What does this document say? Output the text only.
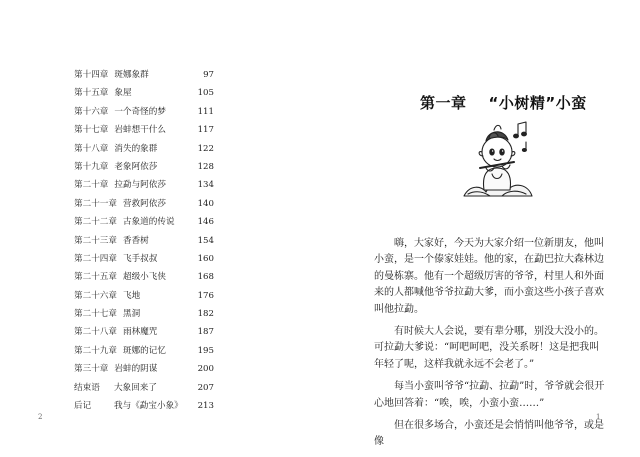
第十四章 斑娜象群	97
第十五章 象屋	105
第十六章 一个奇怪的梦	111
第十七章 岩蚌想干什么	117
第十八章 消失的象群	122
第十九章 老象阿依莎	128
第二十章 拉勐与阿依莎	134
第二十一章 营救阿依莎	140
第二十二章 古象道的传说	146
第二十三章 香香树	154
第二十四章 飞手叔叔	160
第二十五章 超级小飞侠	168
第二十六章 飞地	176
第二十七章 黑洞	182
第二十八章 雨林魔咒	187
第二十九章 斑娜的记忆	195
第三十章 岩蚌的阴谋	200
结束语	大象回来了	207
后记	我与《勐宝小象》	213
2
第一章 “小树精”小蛮

嗨，大家好，今天为大家介绍一位新朋友，他叫小蛮，是一个傣家娃娃。他的家，在勐巴拉大森林边的曼栋寨。他有一个超级厉害的爷爷，村里人和外面来的人都喊他爷爷拉勐大爹，而小蛮这些小孩子喜欢叫他拉勐。

有时候大人会说，要有辈分哪，别没大没小的。可拉勐大爹说：“呵吧呵吧，没关系呀！这是把我叫年轻了呢，这样我就永远不会老了。”

每当小蛮叫爷爷“拉勐、拉勐”时，爷爷就会很开心地回答着：“唉，唉，小蛮小蛮……”

但在很多场合，小蛮还是会悄悄叫他爷爷，或是像

1
